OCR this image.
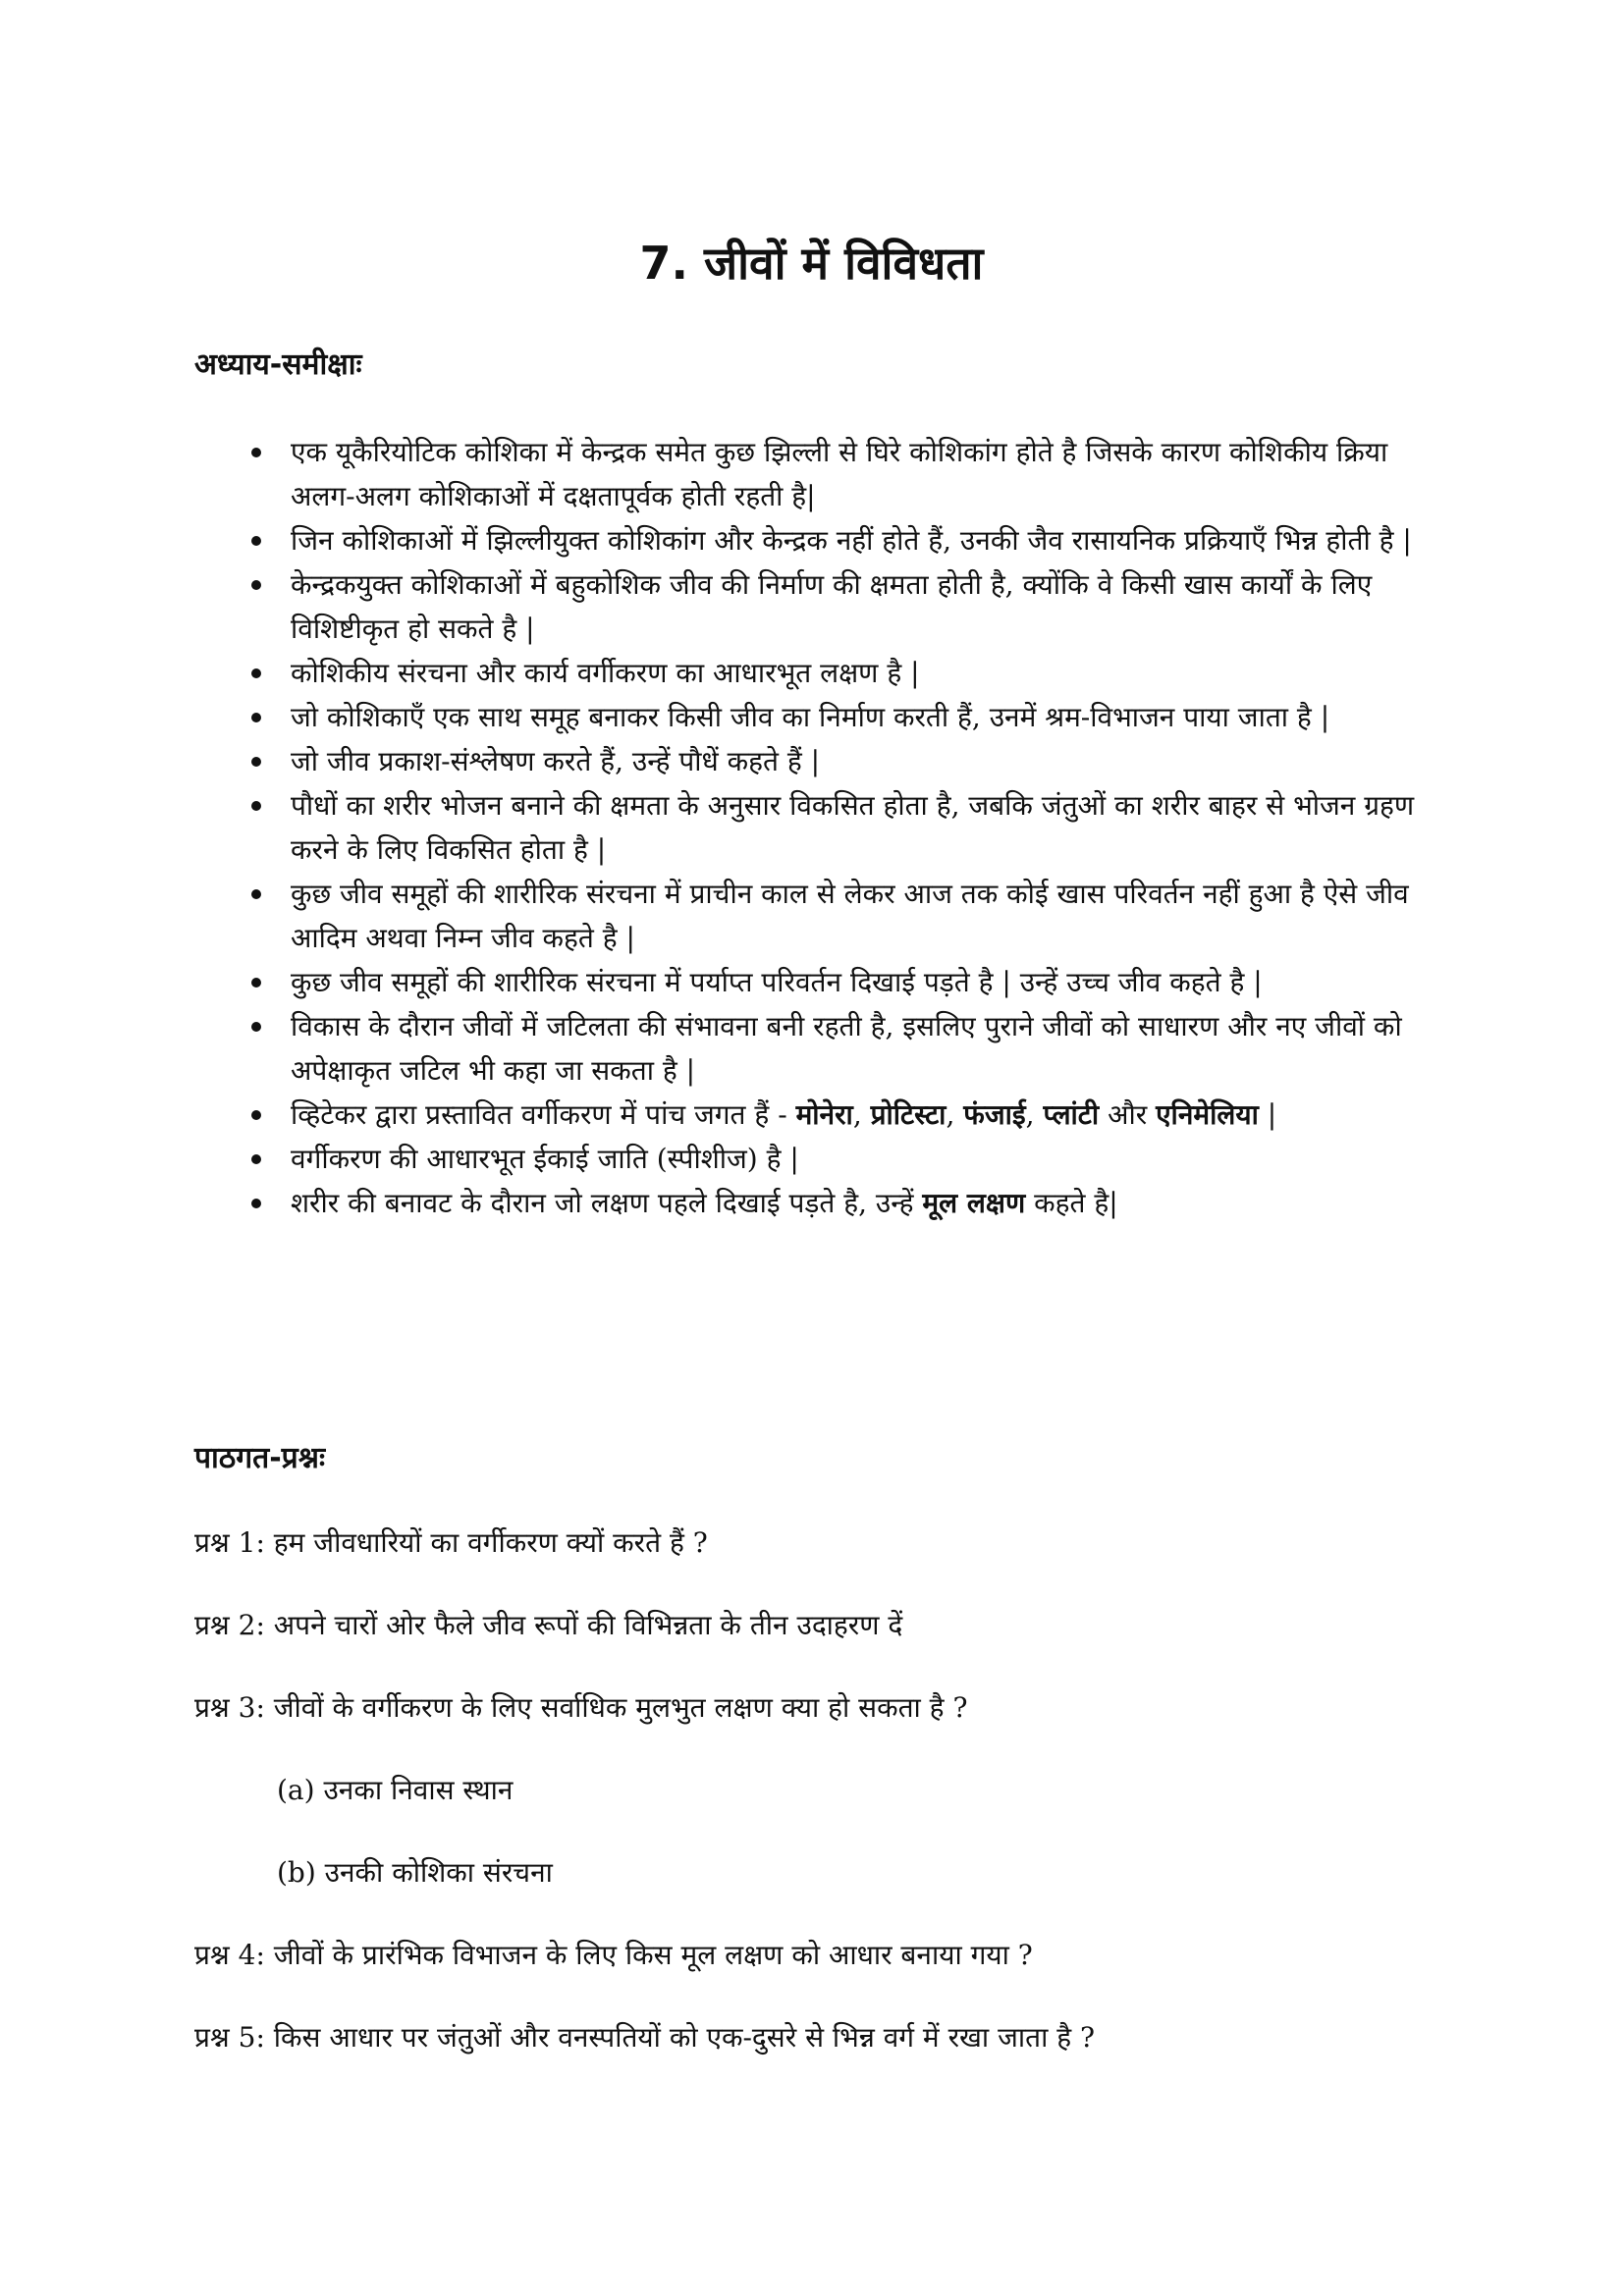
7. जीवों में विविधता
अध्याय-समीक्षाः
एक यूकैरियोटिक कोशिका में केन्द्रक समेत कुछ झिल्ली से घिरे कोशिकांग होते है जिसके कारण कोशिकीय क्रिया अलग-अलग कोशिकाओं में दक्षतापूर्वक होती रहती है|
जिन कोशिकाओं में झिल्लीयुक्त कोशिकांग और केन्द्रक नहीं होते हैं, उनकी जैव रासायनिक प्रक्रियाएँ भिन्न होती है |
केन्द्रकयुक्त कोशिकाओं में बहुकोशिक जीव की निर्माण की क्षमता होती है, क्योंकि वे किसी खास कार्यों के लिए विशिष्टीकृत हो सकते है |
कोशिकीय संरचना और कार्य वर्गीकरण का आधारभूत लक्षण है |
जो कोशिकाएँ एक साथ समूह बनाकर किसी जीव का निर्माण करती हैं, उनमें श्रम-विभाजन पाया जाता है |
जो जीव प्रकाश-संश्लेषण करते हैं, उन्हें पौधें कहते हैं |
पौधों का शरीर भोजन बनाने की क्षमता के अनुसार विकसित होता है, जबकि जंतुओं का शरीर बाहर से भोजन ग्रहण करने के लिए विकसित होता है |
कुछ जीव समूहों की शारीरिक संरचना में प्राचीन काल से लेकर आज तक कोई खास परिवर्तन नहीं हुआ है ऐसे जीव आदिम अथवा निम्न जीव कहते है |
कुछ जीव समूहों की शारीरिक संरचना में पर्याप्त परिवर्तन दिखाई पड़ते है | उन्हें उच्च जीव कहते है |
विकास के दौरान जीवों में जटिलता की संभावना बनी रहती है, इसलिए पुराने जीवों को साधारण और नए जीवों को अपेक्षाकृत जटिल भी कहा जा सकता है |
व्हिटेकर द्वारा प्रस्तावित वर्गीकरण में पांच जगत हैं - मोनेरा, प्रोटिस्टा, फंजाई, प्लांटी और एनिमेलिया |
वर्गीकरण की आधारभूत ईकाई जाति (स्पीशीज) है |
शरीर की बनावट के दौरान जो लक्षण पहले दिखाई पड़ते है, उन्हें मूल लक्षण कहते है|
पाठगत-प्रश्नः

प्रश्न 1: हम जीवधारियों का वर्गीकरण क्यों करते हैं ?

प्रश्न 2: अपने चारों ओर फैले जीव रूपों की विभिन्नता के तीन उदाहरण दें

प्रश्न 3: जीवों के वर्गीकरण के लिए सर्वाधिक मुलभुत लक्षण क्या हो सकता है ?

(a) उनका निवास स्थान

(b) उनकी कोशिका संरचना

प्रश्न 4: जीवों के प्रारंभिक विभाजन के लिए किस मूल लक्षण को आधार बनाया गया ?

प्रश्न 5: किस आधार पर जंतुओं और वनस्पतियों को एक-दुसरे से भिन्न वर्ग में रखा जाता है ?
